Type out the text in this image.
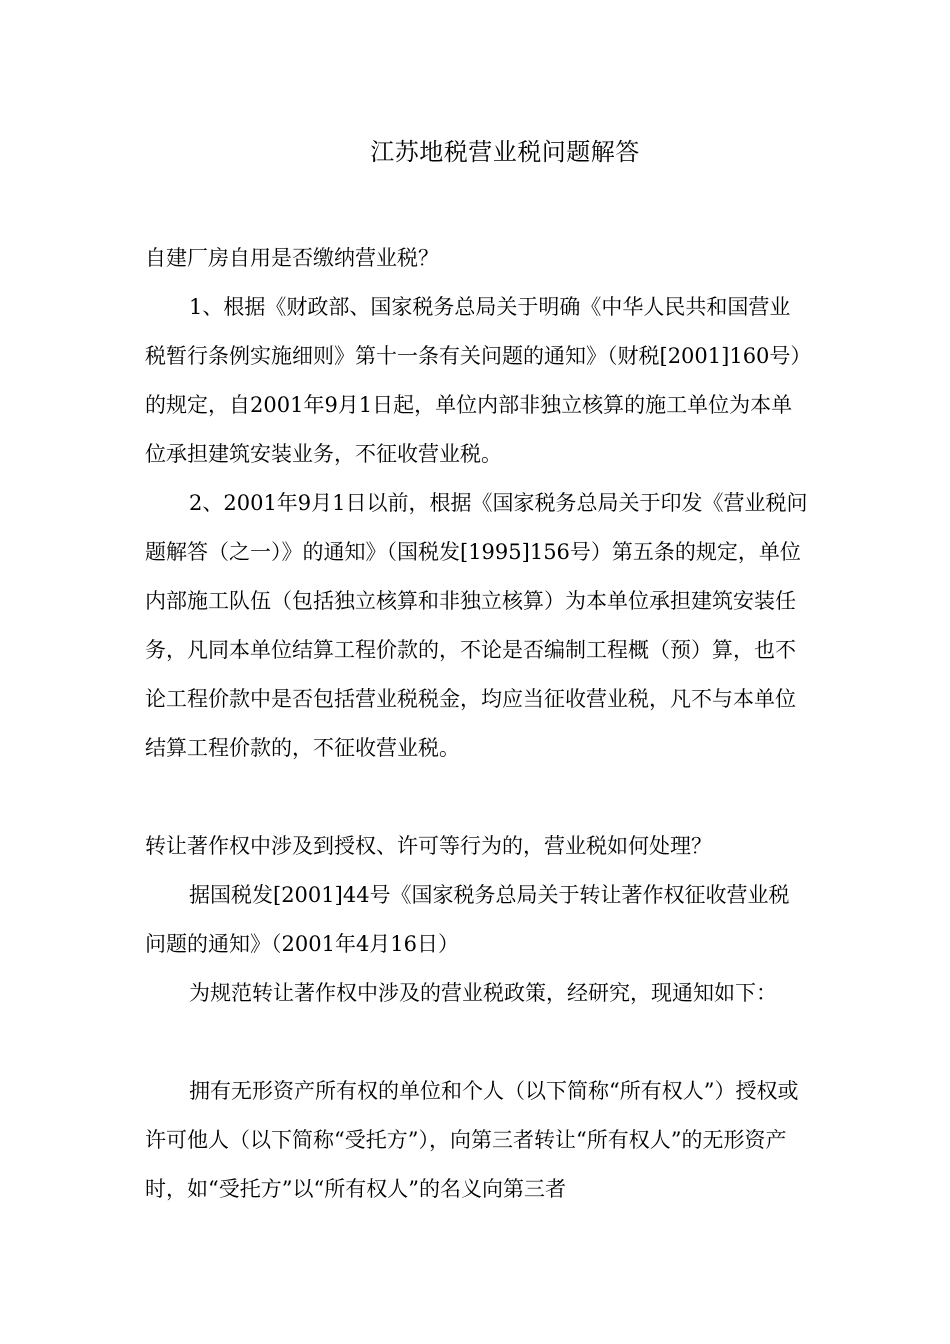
江苏地税营业税问题解答

自建厂房自用是否缴纳营业税？

1、根据《财政部、国家税务总局关于明确《中华人民共和国营业税暂行条例实施细则》第十一条有关问题的通知》（财税[2001]160号）的规定，自2001年9月1日起，单位内部非独立核算的施工单位为本单位承担建筑安装业务，不征收营业税。

2、2001年9月1日以前，根据《国家税务总局关于印发《营业税问题解答（之一）》的通知》（国税发[1995]156号）第五条的规定，单位内部施工队伍（包括独立核算和非独立核算）为本单位承担建筑安装任务，凡同本单位结算工程价款的，不论是否编制工程概（预）算，也不论工程价款中是否包括营业税税金，均应当征收营业税，凡不与本单位结算工程价款的，不征收营业税。

转让著作权中涉及到授权、许可等行为的，营业税如何处理？

据国税发[2001]44号《国家税务总局关于转让著作权征收营业税问题的通知》（2001年4月16日）

为规范转让著作权中涉及的营业税政策，经研究，现通知如下：

拥有无形资产所有权的单位和个人（以下简称“所有权人”）授权或许可他人（以下简称“受托方”），向第三者转让“所有权人”的无形资产时，如“受托方”以“所有权人”的名义向第三者
